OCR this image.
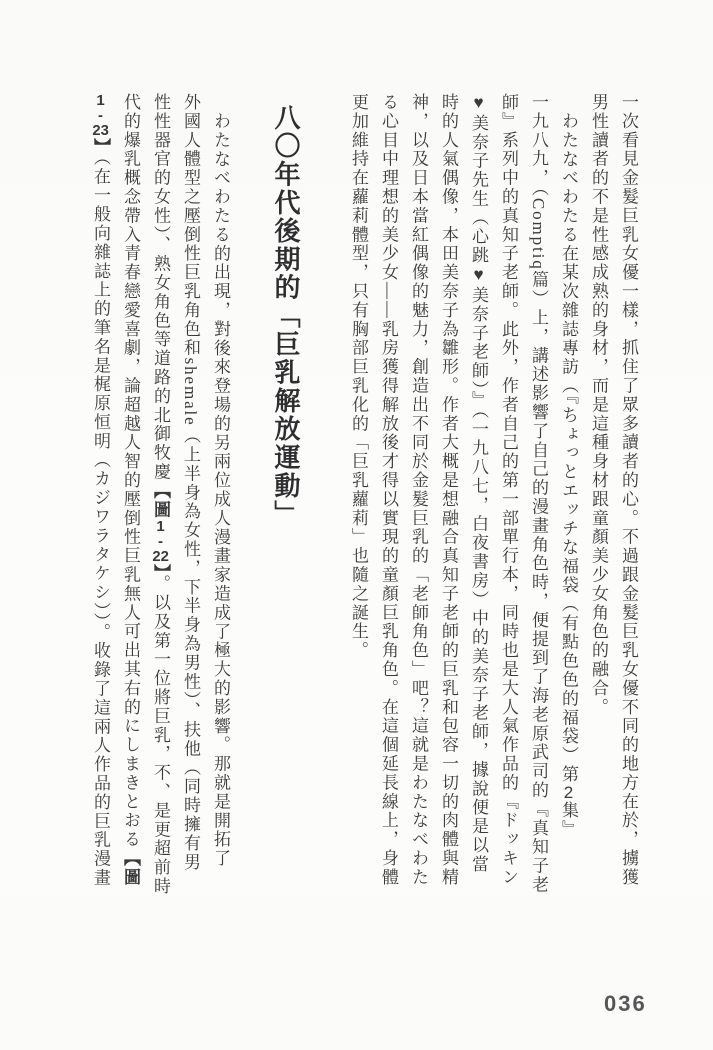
一次看見金髮巨乳女優一樣，抓住了眾多讀者的心。不過跟金髮巨乳女優不同的地方在於，擄獲
男性讀者的不是性感成熟的身材，而是這種身材跟童顏美少女角色的融合。
わたなべわたる在某次雜誌專訪（『ちょっとエッチな福袋（有點色色的福袋）第2集』
一九八九，（Comptiq篇）上，講述影響了自己的漫畫角色時，便提到了海老原武司的『真知子老
師』系列中的真知子老師。此外，作者自己的第一部單行本，同時也是大人氣作品的『ドッキン
♥美奈子先生（心跳♥美奈子老師）』（一九八七，白夜書房）中的美奈子老師，據說便是以當
時的人氣偶像，本田美奈子為雛形。作者大概是想融合真知子老師的巨乳和包容一切的肉體與精
神，以及日本當紅偶像的魅力，創造出不同於金髮巨乳的「老師角色」吧？這就是わたなべわた
る心目中理想的美少女——乳房獲得解放後才得以實現的童顏巨乳角色。在這個延長線上，身體
更加維持在蘿莉體型，只有胸部巨乳化的「巨乳蘿莉」也隨之誕生。
八〇年代後期的「巨乳解放運動」
わたなべわたる的出現，對後來登場的另兩位成人漫畫家造成了極大的影響。那就是開拓了
外國人體型之壓倒性巨乳角色和shemale（上半身為女性，下半身為男性）、扶他（同時擁有男
性性器官的女性）、熟女角色等道路的北御牧慶【圖1-22】。以及第一位將巨乳，不、是更超前時
代的爆乳概念帶入青春戀愛喜劇，論超越人智的壓倒性巨乳無人可出其右的にしまきとおる【圖
1-23】（在一般向雜誌上的筆名是梶原恒明（カジワラタケシ））。收錄了這兩人作品的巨乳漫畫
036
